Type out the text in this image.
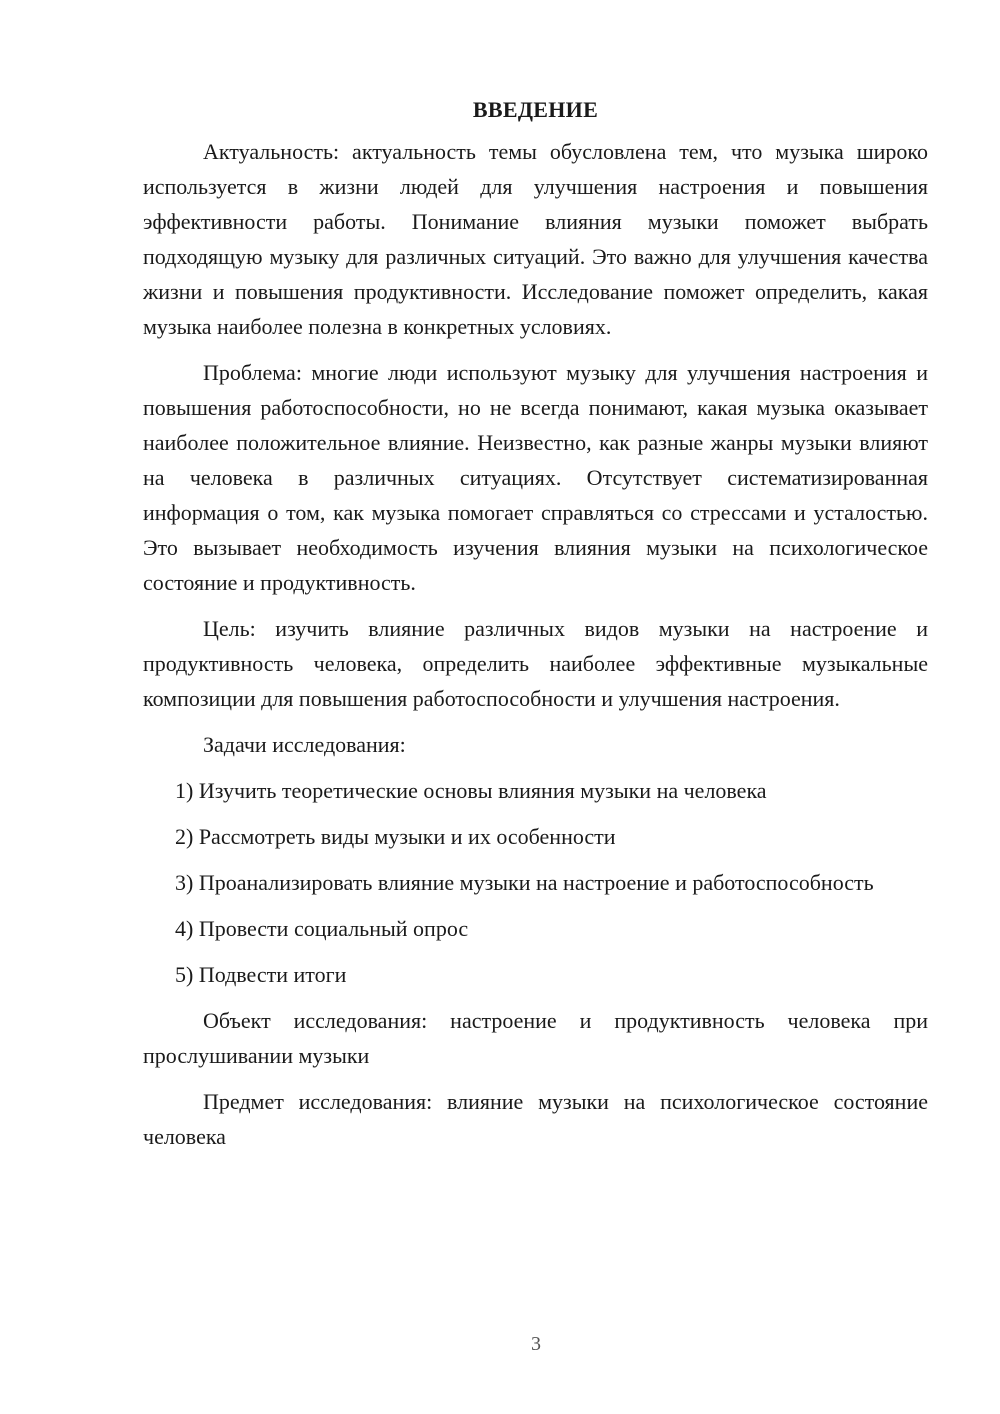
ВВЕДЕНИЕ

Актуальность: актуальность темы обусловлена тем, что музыка широко используется в жизни людей для улучшения настроения и повышения эффективности работы. Понимание влияния музыки поможет выбрать подходящую музыку для различных ситуаций. Это важно для улучшения качества жизни и повышения продуктивности. Исследование поможет определить, какая музыка наиболее полезна в конкретных условиях.

Проблема: многие люди используют музыку для улучшения настроения и повышения работоспособности, но не всегда понимают, какая музыка оказывает наиболее положительное влияние. Неизвестно, как разные жанры музыки влияют на человека в различных ситуациях. Отсутствует систематизированная информация о том, как музыка помогает справляться со стрессами и усталостью. Это вызывает необходимость изучения влияния музыки на психологическое состояние и продуктивность.

Цель: изучить влияние различных видов музыки на настроение и продуктивность человека, определить наиболее эффективные музыкальные композиции для повышения работоспособности и улучшения настроения.

Задачи исследования:

1) Изучить теоретические основы влияния музыки на человека

2) Рассмотреть виды музыки и их особенности

3) Проанализировать влияние музыки на настроение и работоспособность

4) Провести социальный опрос

5) Подвести итоги

Объект исследования: настроение и продуктивность человека при прослушивании музыки

Предмет исследования: влияние музыки на психологическое состояние человека

3
